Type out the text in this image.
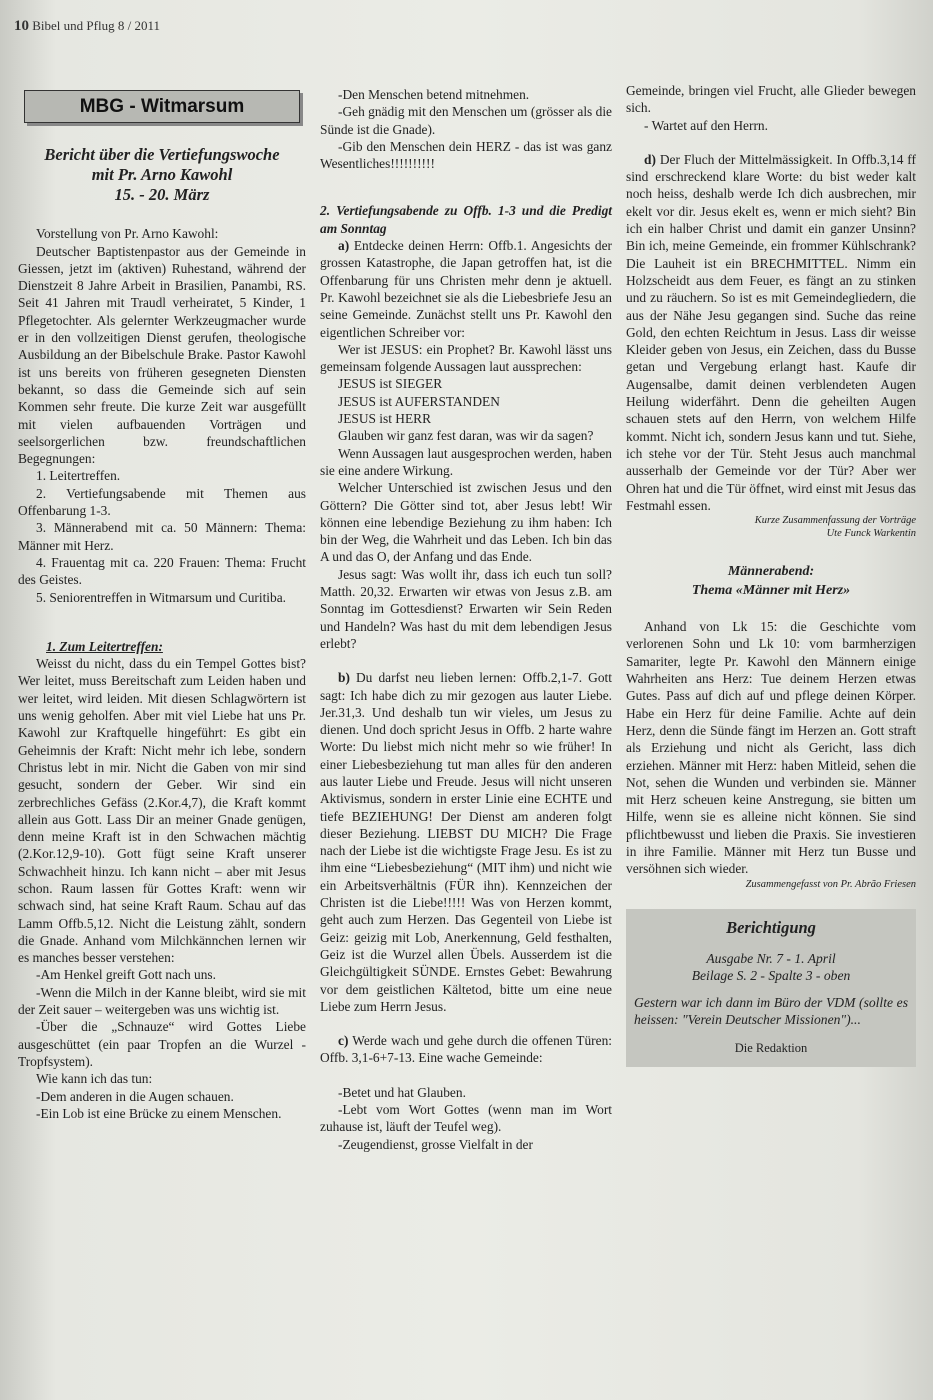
10 Bibel und Pflug 8 / 2011
MBG - Witmarsum
Bericht über die Vertiefungswoche
mit Pr. Arno Kawohl
15. - 20. März

Vorstellung von Pr. Arno Kawohl:

Deutscher Baptistenpastor aus der Gemeinde in Giessen, jetzt im (aktiven) Ruhestand, während der Dienstzeit 8 Jahre Arbeit in Brasilien, Panambi, RS. Seit 41 Jahren mit Traudl verheiratet, 5 Kinder, 1 Pflegetochter. Als gelernter Werkzeugmacher wurde er in den vollzeitigen Dienst gerufen, theologische Ausbildung an der Bibelschule Brake. Pastor Kawohl ist uns bereits von früheren gesegneten Diensten bekannt, so dass die Gemeinde sich auf sein Kommen sehr freute. Die kurze Zeit war ausgefüllt mit vielen aufbauenden Vorträgen und seelsorgerlichen bzw. freundschaftlichen Begegnungen:

1. Leitertreffen.

2. Vertiefungsabende mit Themen aus Offenbarung 1-3.

3. Männerabend mit ca. 50 Männern: Thema: Männer mit Herz.

4. Frauentag mit ca. 220 Frauen: Thema: Frucht des Geistes.

5. Seniorentreffen in Witmarsum und Curitiba.

1. Zum Leitertreffen:

Weisst du nicht, dass du ein Tempel Gottes bist? Wer leitet, muss Bereitschaft zum Leiden haben und wer leitet, wird leiden. Mit diesen Schlagwörtern ist uns wenig geholfen. Aber mit viel Liebe hat uns Pr. Kawohl zur Kraftquelle hingeführt: Es gibt ein Geheimnis der Kraft: Nicht mehr ich lebe, sondern Christus lebt in mir. Nicht die Gaben von mir sind gesucht, sondern der Geber. Wir sind ein zerbrechliches Gefäss (2.Kor.4,7), die Kraft kommt allein aus Gott. Lass Dir an meiner Gnade genügen, denn meine Kraft ist in den Schwachen mächtig (2.Kor.12,9-10). Gott fügt seine Kraft unserer Schwachheit hinzu. Ich kann nicht – aber mit Jesus schon. Raum lassen für Gottes Kraft: wenn wir schwach sind, hat seine Kraft Raum. Schau auf das Lamm Offb.5,12. Nicht die Leistung zählt, sondern die Gnade. Anhand vom Milchkännchen lernen wir es manches besser verstehen:

-Am Henkel greift Gott nach uns.

-Wenn die Milch in der Kanne bleibt, wird sie mit der Zeit sauer – weitergeben was uns wichtig ist.

-Über die „Schnauze“ wird Gottes Liebe ausgeschüttet (ein paar Tropfen an die Wurzel - Tropfsystem).

Wie kann ich das tun:

-Dem anderen in die Augen schauen.

-Ein Lob ist eine Brücke zu einem Menschen.

-Den Menschen betend mitnehmen.

-Geh gnädig mit den Menschen um (grösser als die Sünde ist die Gnade).

-Gib den Menschen dein HERZ - das ist was ganz Wesentliches!!!!!!!!!!

2. Vertiefungsabende zu Offb. 1-3 und die Predigt am Sonntag

a) Entdecke deinen Herrn: Offb.1. Angesichts der grossen Katastrophe, die Japan getroffen hat, ist die Offenbarung für uns Christen mehr denn je aktuell. Pr. Kawohl bezeichnet sie als die Liebesbriefe Jesu an seine Gemeinde. Zunächst stellt uns Pr. Kawohl den eigentlichen Schreiber vor:

Wer ist JESUS: ein Prophet? Br. Kawohl lässt uns gemeinsam folgende Aussagen laut aussprechen:

JESUS ist SIEGER

JESUS ist AUFERSTANDEN

JESUS ist HERR

Glauben wir ganz fest daran, was wir da sagen?

Wenn Aussagen laut ausgesprochen werden, haben sie eine andere Wirkung.

Welcher Unterschied ist zwischen Jesus und den Göttern? Die Götter sind tot, aber Jesus lebt! Wir können eine lebendige Beziehung zu ihm haben: Ich bin der Weg, die Wahrheit und das Leben. Ich bin das A und das O, der Anfang und das Ende.

Jesus sagt: Was wollt ihr, dass ich euch tun soll? Matth. 20,32. Erwarten wir etwas von Jesus z.B. am Sonntag im Gottesdienst? Erwarten wir Sein Reden und Handeln? Was hast du mit dem lebendigen Jesus erlebt?

b) Du darfst neu lieben lernen: Offb.2,1-7. Gott sagt: Ich habe dich zu mir gezogen aus lauter Liebe. Jer.31,3. Und deshalb tun wir vieles, um Jesus zu dienen. Und doch spricht Jesus in Offb. 2 harte wahre Worte: Du liebst mich nicht mehr so wie früher! In einer Liebesbeziehung tut man alles für den anderen aus lauter Liebe und Freude. Jesus will nicht unseren Aktivismus, sondern in erster Linie eine ECHTE und tiefe BEZIEHUNG! Der Dienst am anderen folgt dieser Beziehung. LIEBST DU MICH? Die Frage nach der Liebe ist die wichtigste Frage Jesu. Es ist zu ihm eine “Liebesbeziehung“ (MIT ihm) und nicht wie ein Arbeitsverhältnis (FÜR ihn). Kennzeichen der Christen ist die Liebe!!!!! Was von Herzen kommt, geht auch zum Herzen. Das Gegenteil von Liebe ist Geiz: geizig mit Lob, Anerkennung, Geld festhalten, Geiz ist die Wurzel allen Übels. Ausserdem ist die Gleichgültigkeit SÜNDE. Ernstes Gebet: Bewahrung vor dem geistlichen Kältetod, bitte um eine neue Liebe zum Herrn Jesus.

c) Werde wach und gehe durch die offenen Türen: Offb. 3,1-6+7-13. Eine wache Gemeinde:

-Betet und hat Glauben.

-Lebt vom Wort Gottes (wenn man im Wort zuhause ist, läuft der Teufel weg).

-Zeugendienst, grosse Vielfalt in der

Gemeinde, bringen viel Frucht, alle Glieder bewegen sich.

- Wartet auf den Herrn.

d) Der Fluch der Mittelmässigkeit. In Offb.3,14 ff sind erschreckend klare Worte: du bist weder kalt noch heiss, deshalb werde Ich dich ausbrechen, mir ekelt vor dir. Jesus ekelt es, wenn er mich sieht? Bin ich ein halber Christ und damit ein ganzer Unsinn? Bin ich, meine Gemeinde, ein frommer Kühlschrank? Die Lauheit ist ein BRECHMITTEL. Nimm ein Holzscheidt aus dem Feuer, es fängt an zu stinken und zu räuchern. So ist es mit Gemeindegliedern, die aus der Nähe Jesu gegangen sind. Suche das reine Gold, den echten Reichtum in Jesus. Lass dir weisse Kleider geben von Jesus, ein Zeichen, dass du Busse getan und Vergebung erlangt hast. Kaufe dir Augensalbe, damit deinen verblendeten Augen Heilung widerfährt. Denn die geheilten Augen schauen stets auf den Herrn, von welchem Hilfe kommt. Nicht ich, sondern Jesus kann und tut. Siehe, ich stehe vor der Tür. Steht Jesus auch manchmal ausserhalb der Gemeinde vor der Tür? Aber wer Ohren hat und die Tür öffnet, wird einst mit Jesus das Festmahl essen.

Kurze Zusammenfassung der Vorträge
Ute Funck Warkentin
Männerabend:
Thema «Männer mit Herz»

Anhand von Lk 15: die Geschichte vom verlorenen Sohn und Lk 10: vom barmherzigen Samariter, legte Pr. Kawohl den Männern einige Wahrheiten ans Herz: Tue deinem Herzen etwas Gutes. Pass auf dich auf und pflege deinen Körper. Habe ein Herz für deine Familie. Achte auf dein Herz, denn die Sünde fängt im Herzen an. Gott straft als Erziehung und nicht als Gericht, lass dich erziehen. Männer mit Herz: haben Mitleid, sehen die Not, sehen die Wunden und verbinden sie. Männer mit Herz scheuen keine Anstregung, sie bitten um Hilfe, wenn sie es alleine nicht können. Sie sind pflichtbewusst und lieben die Praxis. Sie investieren in ihre Familie. Männer mit Herz tun Busse und versöhnen sich wieder.

Zusammengefasst von Pr. Abrão Friesen
Berichtigung
Ausgabe Nr. 7 - 1. April
Beilage S. 2 - Spalte 3 - oben
Gestern war ich dann im Büro der VDM (sollte es heissen: "Verein Deutscher Missionen")...
Die Redaktion
